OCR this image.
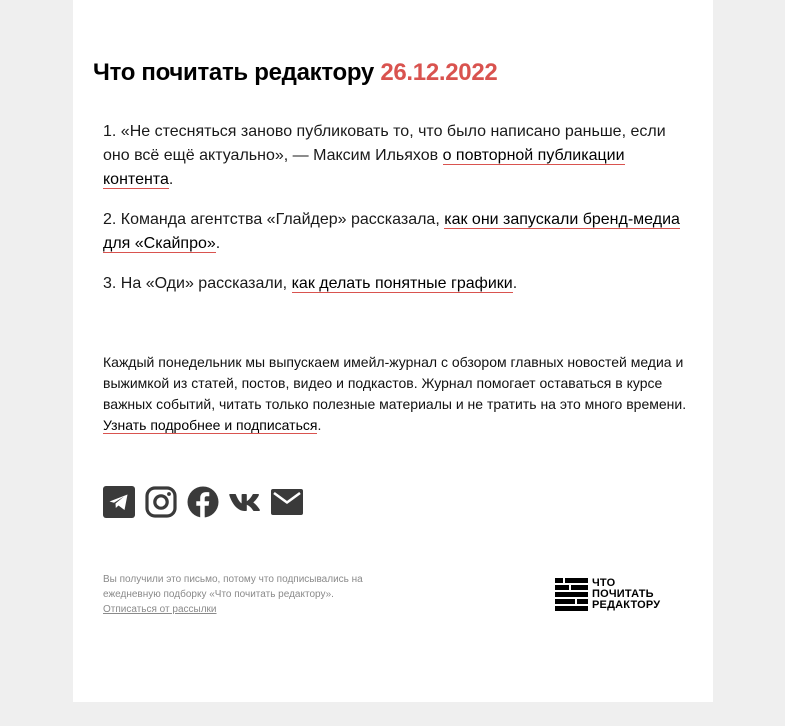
Что почитать редактору 26.12.2022

1. «Не стесняться заново публиковать то, что было написано раньше, если оно всё ещё актуально», — Максим Ильяхов о повторной публикации контента.

2. Команда агентства «Глайдер» рассказала, как они запускали бренд-медиа для «Скайпро».

3. На «Оди» рассказали, как делать понятные графики.

Каждый понедельник мы выпускаем имейл-журнал с обзором главных новостей медиа и выжимкой из статей, постов, видео и подкастов. Журнал помогает оставаться в курсе важных событий, читать только полезные материалы и не тратить на это много времени. Узнать подробнее и подписаться.
Вы получили это письмо, потому что подписывались на ежедневную подборку «Что почитать редактору».
Отписаться от рассылки
ЧТО
ПОЧИТАТЬ
РЕДАКТОРУ
